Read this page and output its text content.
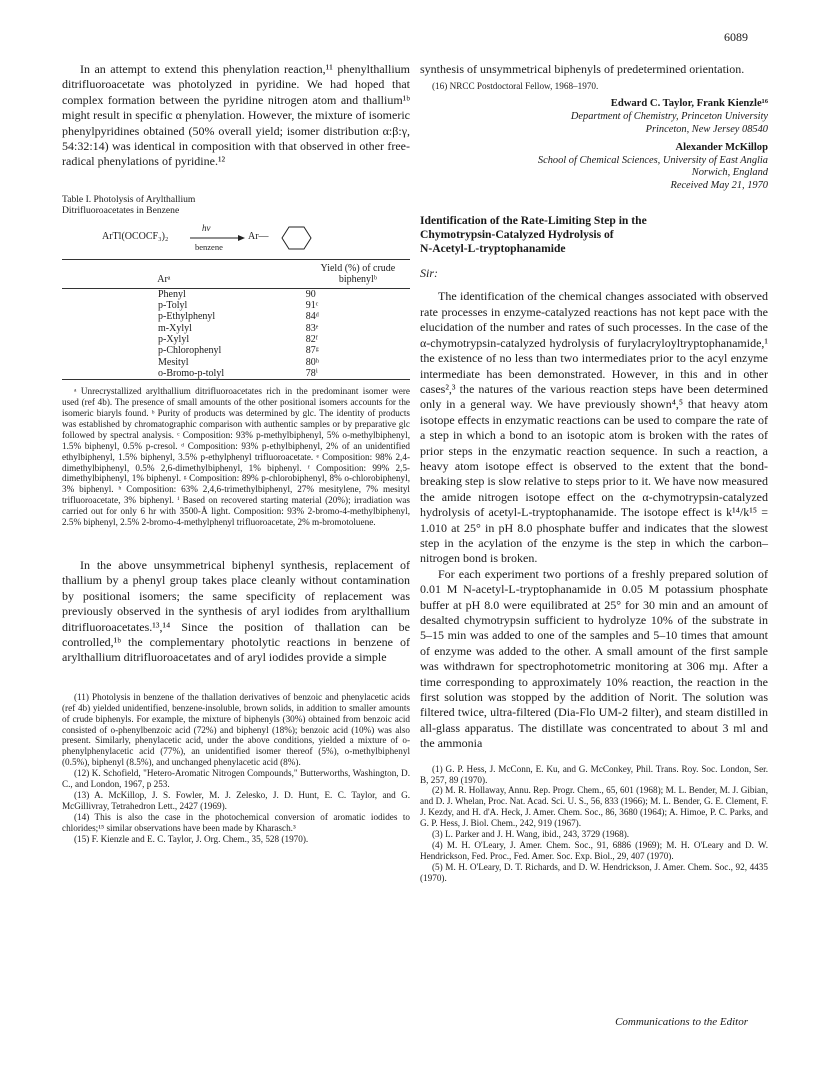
6089

In an attempt to extend this phenylation reaction,¹¹ phenylthallium ditrifluoroacetate was photolyzed in pyridine. We had hoped that complex formation between the pyridine nitrogen atom and thallium¹ᵇ might result in specific α phenylation. However, the mixture of isomeric phenylpyridines obtained (50% overall yield; isomer distribution α:β:γ, 54:32:14) was identical in composition with that observed in other free-radical phenylations of pyridine.¹²

Table I. Photolysis of Arylthallium
Ditrifluoroacetates in Benzene
ArTl(OCOCF₃)₂
hν
benzene
Ar—
Arᵃ	Yield (%) of crude
biphenylᵇ

Phenyl	90
p-Tolyl	91ᶜ
p-Ethylphenyl	84ᵈ
m-Xylyl	83ᵉ
p-Xylyl	82ᶠ
p-Chlorophenyl	87ᵍ
Mesityl	80ʰ
o-Bromo-p-tolyl	78ⁱ

ᵃ Unrecrystallized arylthallium ditrifluoroacetates rich in the predominant isomer were used (ref 4b). The presence of small amounts of the other positional isomers accounts for the isomeric biaryls found. ᵇ Purity of products was determined by glc. The identity of products was established by chromatographic comparison with authentic samples or by preparative glc followed by spectral analysis. ᶜ Composition: 93% p-methylbiphenyl, 5% o-methylbiphenyl, 1.5% biphenyl, 0.5% p-cresol. ᵈ Composition: 93% p-ethylbiphenyl, 2% of an unidentified ethylbiphenyl, 1.5% biphenyl, 3.5% p-ethylphenyl trifluoroacetate. ᵉ Composition: 98% 2,4-dimethylbiphenyl, 0.5% 2,6-dimethylbiphenyl, 1% biphenyl. ᶠ Composition: 99% 2,5-dimethylbiphenyl, 1% biphenyl. ᵍ Composition: 89% p-chlorobiphenyl, 8% o-chlorobiphenyl, 3% biphenyl. ʰ Composition: 63% 2,4,6-trimethylbiphenyl, 27% mesitylene, 7% mesityl trifluoroacetate, 3% biphenyl. ⁱ Based on recovered starting material (20%); irradiation was carried out for only 6 hr with 3500-Å light. Composition: 93% 2-bromo-4-methylbiphenyl, 2.5% biphenyl, 2.5% 2-bromo-4-methylphenyl trifluoroacetate, 2% m-bromotoluene.

In the above unsymmetrical biphenyl synthesis, replacement of thallium by a phenyl group takes place cleanly without contamination by positional isomers; the same specificity of replacement was previously observed in the synthesis of aryl iodides from arylthallium ditrifluoroacetates.¹³,¹⁴ Since the position of thallation can be controlled,¹ᵇ the complementary photolytic reactions in benzene of arylthallium ditrifluoroacetates and of aryl iodides provide a simple

(11) Photolysis in benzene of the thallation derivatives of benzoic and phenylacetic acids (ref 4b) yielded unidentified, benzene-insoluble, brown solids, in addition to smaller amounts of crude biphenyls. For example, the mixture of biphenyls (30%) obtained from benzoic acid consisted of o-phenylbenzoic acid (72%) and biphenyl (18%); benzoic acid (10%) was also present. Similarly, phenylacetic acid, under the above conditions, yielded a mixture of o-phenylphenylacetic acid (77%), an unidentified isomer thereof (5%), o-methylbiphenyl (0.5%), biphenyl (8.5%), and unchanged phenylacetic acid (8%).

(12) K. Schofield, "Hetero-Aromatic Nitrogen Compounds," Butterworths, Washington, D. C., and London, 1967, p 253.

(13) A. McKillop, J. S. Fowler, M. J. Zelesko, J. D. Hunt, E. C. Taylor, and G. McGillivray, Tetrahedron Lett., 2427 (1969).

(14) This is also the case in the photochemical conversion of aromatic iodides to chlorides;¹⁵ similar observations have been made by Kharasch.³

(15) F. Kienzle and E. C. Taylor, J. Org. Chem., 35, 528 (1970).

synthesis of unsymmetrical biphenyls of predetermined orientation.

(16) NRCC Postdoctoral Fellow, 1968–1970.

Edward C. Taylor, Frank Kienzle¹⁶
Department of Chemistry, Princeton University
Princeton, New Jersey 08540
Alexander McKillop
School of Chemical Sciences, University of East Anglia
Norwich, England
Received May 21, 1970
Identification of the Rate-Limiting Step in the
Chymotrypsin-Catalyzed Hydrolysis of
N-Acetyl-L-tryptophanamide

Sir:

The identification of the chemical changes associated with observed rate processes in enzyme-catalyzed reactions has not kept pace with the elucidation of the number and rates of such processes. In the case of the α-chymotrypsin-catalyzed hydrolysis of furylacryloyltryptophanamide,¹ the existence of no less than two intermediates prior to the acyl enzyme intermediate has been demonstrated. However, in this and in other cases²,³ the natures of the various reaction steps have been determined only in a general way. We have previously shown⁴,⁵ that heavy atom isotope effects in enzymatic reactions can be used to compare the rate of a step in which a bond to an isotopic atom is broken with the rates of prior steps in the enzymatic reaction sequence. In such a reaction, a heavy atom isotope effect is observed to the extent that the bond-breaking step is slow relative to steps prior to it. We have now measured the amide nitrogen isotope effect on the α-chymotrypsin-catalyzed hydrolysis of acetyl-L-tryptophanamide. The isotope effect is k¹⁴/k¹⁵ = 1.010 at 25° in pH 8.0 phosphate buffer and indicates that the slowest step in the acylation of the enzyme is the step in which the carbon–nitrogen bond is broken.

For each experiment two portions of a freshly prepared solution of 0.01 M N-acetyl-L-tryptophanamide in 0.05 M potassium phosphate buffer at pH 8.0 were equilibrated at 25° for 30 min and an amount of desalted chymotrypsin sufficient to hydrolyze 10% of the substrate in 5–15 min was added to one of the samples and 5–10 times that amount of enzyme was added to the other. A small amount of the first sample was withdrawn for spectrophotometric monitoring at 306 mμ. After a time corresponding to approximately 10% reaction, the reaction in the first solution was stopped by the addition of Norit. The solution was filtered twice, ultra-filtered (Dia-Flo UM-2 filter), and steam distilled in all-glass apparatus. The distillate was concentrated to about 3 ml and the ammonia

(1) G. P. Hess, J. McConn, E. Ku, and G. McConkey, Phil. Trans. Roy. Soc. London, Ser. B, 257, 89 (1970).

(2) M. R. Hollaway, Annu. Rep. Progr. Chem., 65, 601 (1968); M. L. Bender, M. J. Gibian, and D. J. Whelan, Proc. Nat. Acad. Sci. U. S., 56, 833 (1966); M. L. Bender, G. E. Clement, F. J. Kezdy, and H. d'A. Heck, J. Amer. Chem. Soc., 86, 3680 (1964); A. Himoe, P. C. Parks, and G. P. Hess, J. Biol. Chem., 242, 919 (1967).

(3) L. Parker and J. H. Wang, ibid., 243, 3729 (1968).

(4) M. H. O'Leary, J. Amer. Chem. Soc., 91, 6886 (1969); M. H. O'Leary and D. W. Hendrickson, Fed. Proc., Fed. Amer. Soc. Exp. Biol., 29, 407 (1970).

(5) M. H. O'Leary, D. T. Richards, and D. W. Hendrickson, J. Amer. Chem. Soc., 92, 4435 (1970).

Communications to the Editor
